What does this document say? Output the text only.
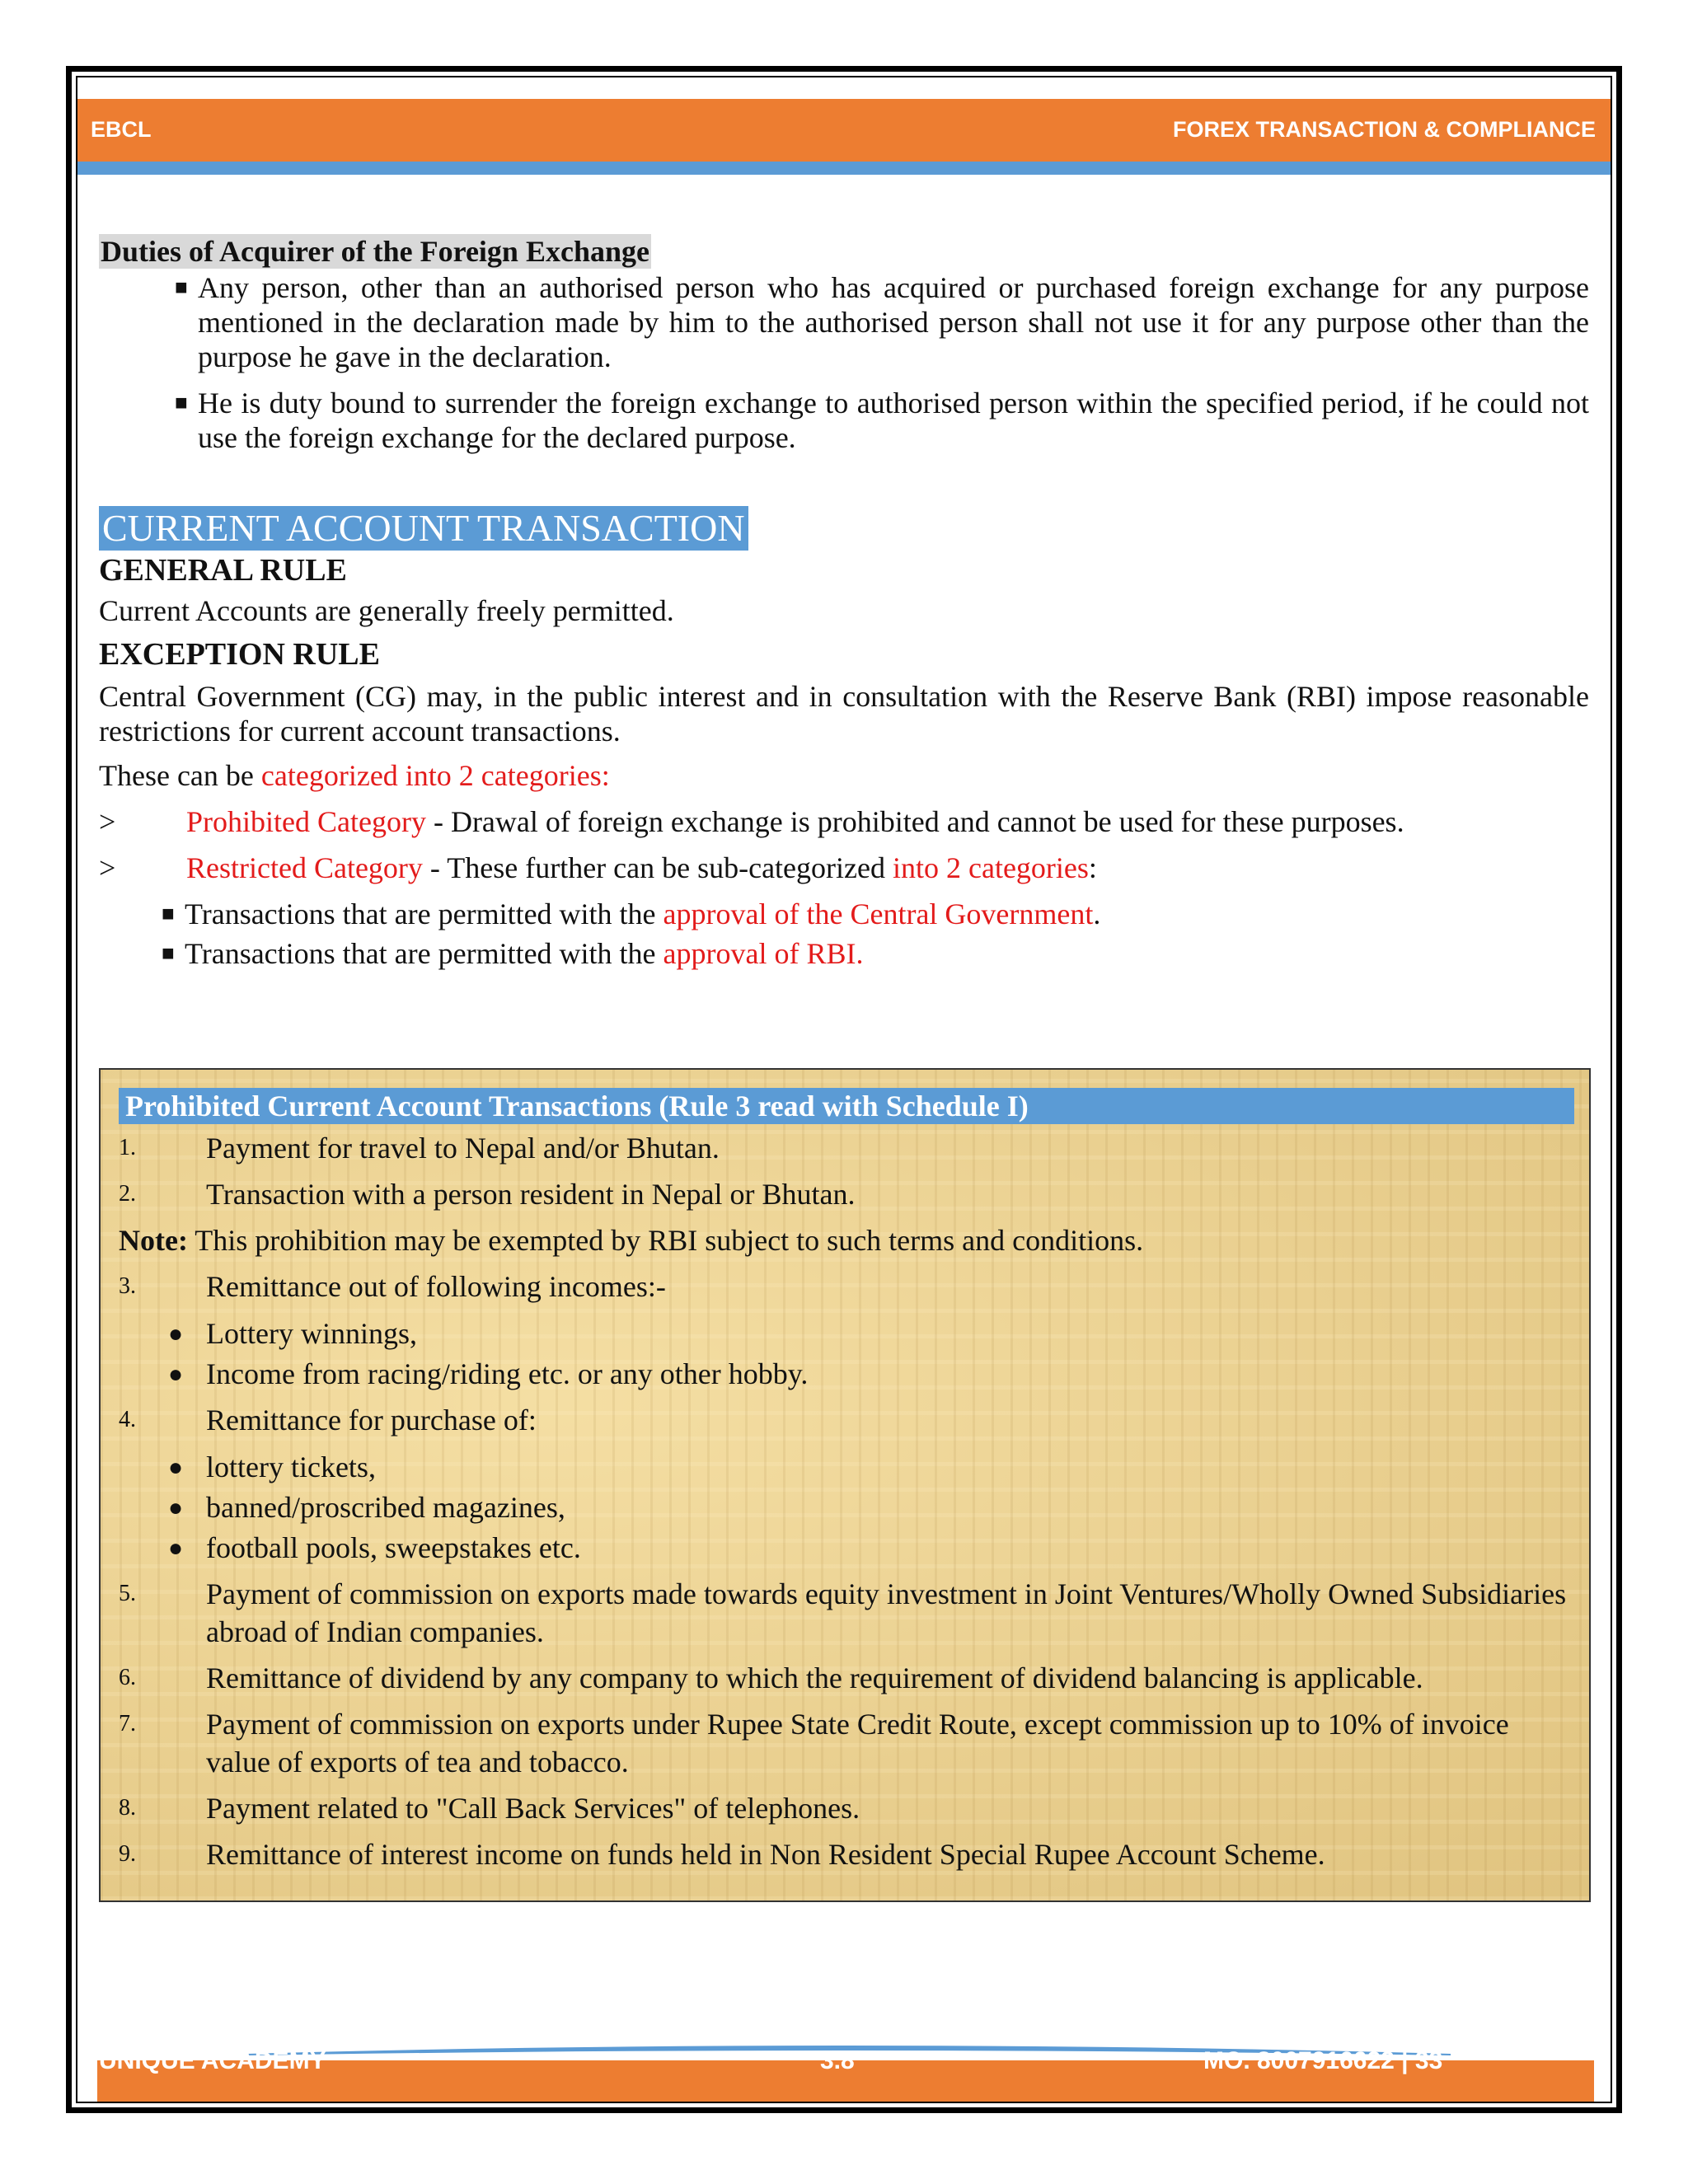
EBCL	FOREX TRANSACTION & COMPLIANCE
Duties of Acquirer of the Foreign Exchange
■ Any person, other than an authorised person who has acquired or purchased foreign exchange for any purpose mentioned in the declaration made by him to the authorised person shall not use it for any purpose other than the purpose he gave in the declaration.
■ He is duty bound to surrender the foreign exchange to authorised person within the specified period, if he could not use the foreign exchange for the declared purpose.
CURRENT ACCOUNT TRANSACTION
GENERAL RULE
Current Accounts are generally freely permitted.
EXCEPTION RULE
Central Government (CG) may, in the public interest and in consultation with the Reserve Bank (RBI) impose reasonable restrictions for current account transactions.
These can be categorized into 2 categories:
>	Prohibited Category - Drawal of foreign exchange is prohibited and cannot be used for these purposes.
>	Restricted Category - These further can be sub-categorized into 2 categories:
■ Transactions that are permitted with the approval of the Central Government.
■ Transactions that are permitted with the approval of RBI.
Prohibited Current Account Transactions (Rule 3 read with Schedule I)
1.	Payment for travel to Nepal and/or Bhutan.
2.	Transaction with a person resident in Nepal or Bhutan.
Note: This prohibition may be exempted by RBI subject to such terms and conditions.
3.	Remittance out of following incomes:-
● Lottery winnings,
● Income from racing/riding etc. or any other hobby.
4.	Remittance for purchase of:
● lottery tickets,
● banned/proscribed magazines,
● football pools, sweepstakes etc.
5.	Payment of commission on exports made towards equity investment in Joint Ventures/Wholly Owned Subsidiaries abroad of Indian companies.
6.	Remittance of dividend by any company to which the requirement of dividend balancing is applicable.
7.	Payment of commission on exports under Rupee State Credit Route, except commission up to 10% of invoice value of exports of tea and tobacco.
8.	Payment related to "Call Back Services" of telephones.
9.	Remittance of interest income on funds held in Non Resident Special Rupee Account Scheme.
UNIQUE ACADEMY	3.8	MO. 8007916622 | 33
